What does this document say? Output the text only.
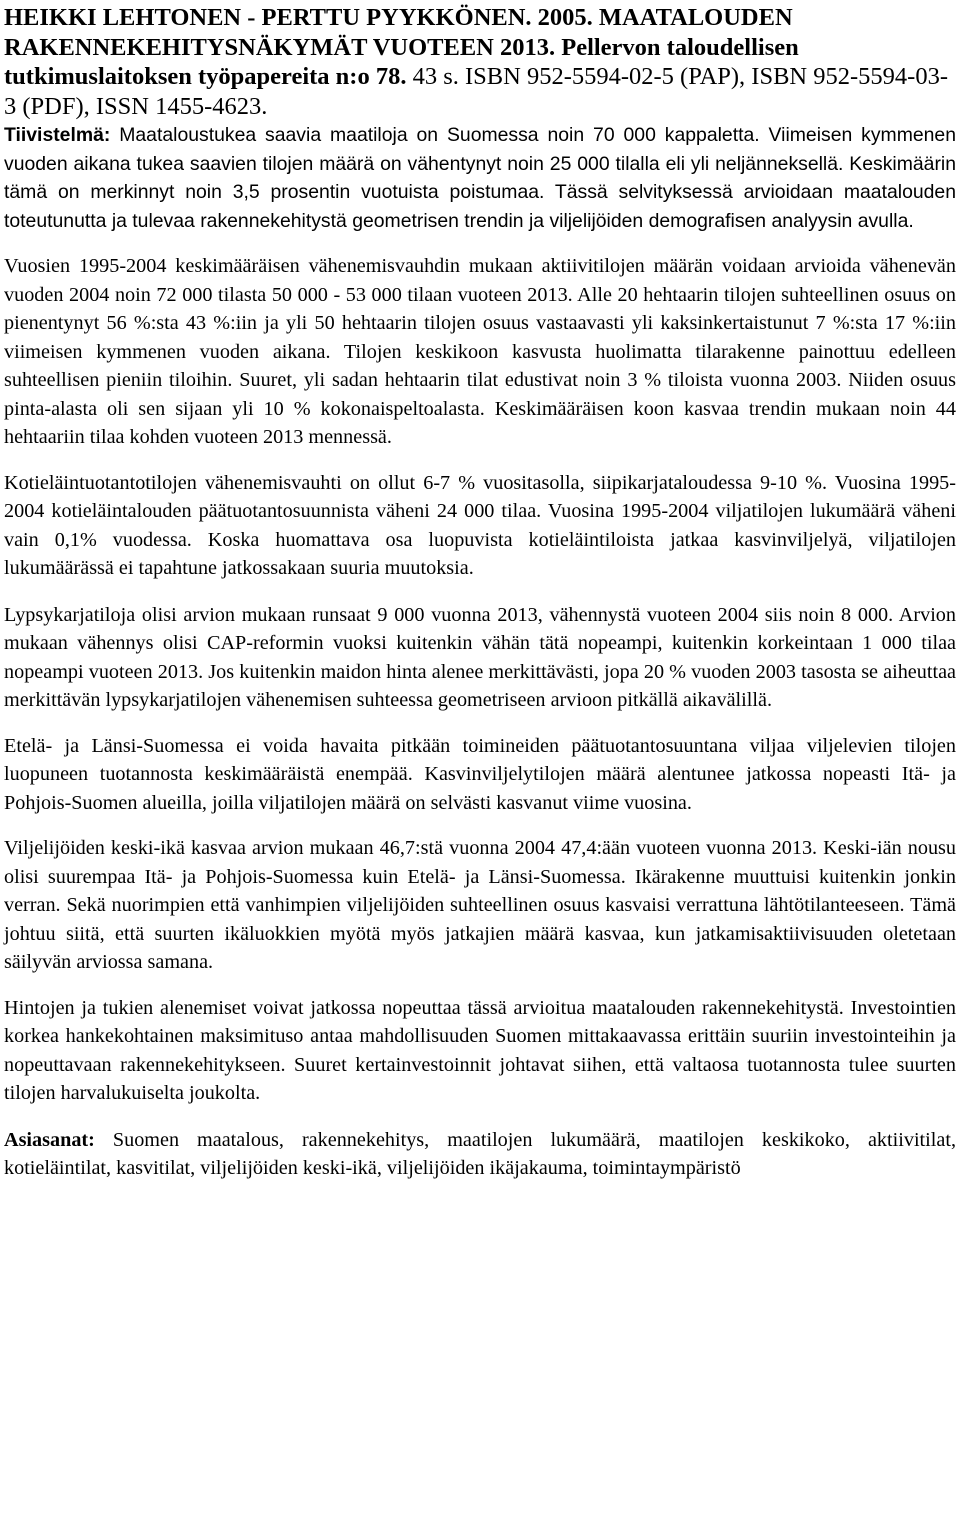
HEIKKI LEHTONEN - PERTTU PYYKKÖNEN. 2005. MAATALOUDEN RAKENNEKEHITYSNÄKYMÄT VUOTEEN 2013. Pellervon taloudellisen tutkimuslaitoksen työpapereita n:o 78. 43 s. ISBN 952-5594-02-5 (PAP), ISBN 952-5594-03-3 (PDF), ISSN 1455-4623.

Tiivistelmä: Maataloustukea saavia maatiloja on Suomessa noin 70 000 kappaletta. Viimeisen kymmenen vuoden aikana tukea saavien tilojen määrä on vähentynyt noin 25 000 tilalla eli yli neljänneksellä. Keskimäärin tämä on merkinnyt noin 3,5 prosentin vuotuista poistumaa. Tässä selvityksessä arvioidaan maatalouden toteutunutta ja tulevaa rakennekehitystä geometrisen trendin ja viljelijöiden demografisen analyysin avulla.

Vuosien 1995-2004 keskimääräisen vähenemisvauhdin mukaan aktiivitilojen määrän voidaan arvioida vähenevän vuoden 2004 noin 72 000 tilasta 50 000 - 53 000 tilaan vuoteen 2013. Alle 20 hehtaarin tilojen suhteellinen osuus on pienentynyt 56 %:sta 43 %:iin ja yli 50 hehtaarin tilojen osuus vastaavasti yli kaksinkertaistunut 7 %:sta 17 %:iin viimeisen kymmenen vuoden aikana. Tilojen keskikoon kasvusta huolimatta tilarakenne painottuu edelleen suhteellisen pieniin tiloihin. Suuret, yli sadan hehtaarin tilat edustivat noin 3 % tiloista vuonna 2003. Niiden osuus pinta-alasta oli sen sijaan yli 10 % kokonaispeltoalasta. Keskimääräisen koon kasvaa trendin mukaan noin 44 hehtaariin tilaa kohden vuoteen 2013 mennessä.

Kotieläintuotantotilojen vähenemisvauhti on ollut 6-7 % vuositasolla, siipikarjataloudessa 9-10 %. Vuosina 1995-2004 kotieläintalouden päätuotantosuunnista väheni 24 000 tilaa. Vuosina 1995-2004 viljatilojen lukumäärä väheni vain 0,1% vuodessa. Koska huomattava osa luopuvista kotieläintiloista jatkaa kasvinviljelyä, viljatilojen lukumäärässä ei tapahtune jatkossakaan suuria muutoksia.

Lypsykarjatiloja olisi arvion mukaan runsaat 9 000 vuonna 2013, vähennystä vuoteen 2004 siis noin 8 000. Arvion mukaan vähennys olisi CAP-reformin vuoksi kuitenkin vähän tätä nopeampi, kuitenkin korkeintaan 1 000 tilaa nopeampi vuoteen 2013. Jos kuitenkin maidon hinta alenee merkittävästi, jopa 20 % vuoden 2003 tasosta se aiheuttaa merkittävän lypsykarjatilojen vähenemisen suhteessa geometriseen arvioon pitkällä aikavälillä.

Etelä- ja Länsi-Suomessa ei voida havaita pitkään toimineiden päätuotantosuuntana viljaa viljelevien tilojen luopuneen tuotannosta keskimääräistä enempää. Kasvinviljelytilojen määrä alentunee jatkossa nopeasti Itä- ja Pohjois-Suomen alueilla, joilla viljatilojen määrä on selvästi kasvanut viime vuosina.

Viljelijöiden keski-ikä kasvaa arvion mukaan 46,7:stä vuonna 2004 47,4:ään vuoteen vuonna 2013. Keski-iän nousu olisi suurempaa Itä- ja Pohjois-Suomessa kuin Etelä- ja Länsi-Suomessa. Ikärakenne muuttuisi kuitenkin jonkin verran. Sekä nuorimpien että vanhimpien viljelijöiden suhteellinen osuus kasvaisi verrattuna lähtötilanteeseen. Tämä johtuu siitä, että suurten ikäluokkien myötä myös jatkajien määrä kasvaa, kun jatkamisaktiivisuuden oletetaan säilyvän arviossa samana.

Hintojen ja tukien alenemiset voivat jatkossa nopeuttaa tässä arvioitua maatalouden rakennekehitystä. Investointien korkea hankekohtainen maksimituso antaa mahdollisuuden Suomen mittakaavassa erittäin suuriin investointeihin ja nopeuttavaan rakennekehitykseen. Suuret kertainvestoinnit johtavat siihen, että valtaosa tuotannosta tulee suurten tilojen harvalukuiselta joukolta.

Asiasanat: Suomen maatalous, rakennekehitys, maatilojen lukumäärä, maatilojen keskikoko, aktiivitilat, kotieläintilat, kasvitilat, viljelijöiden keski-ikä, viljelijöiden ikäjakauma, toimintaympäristö
